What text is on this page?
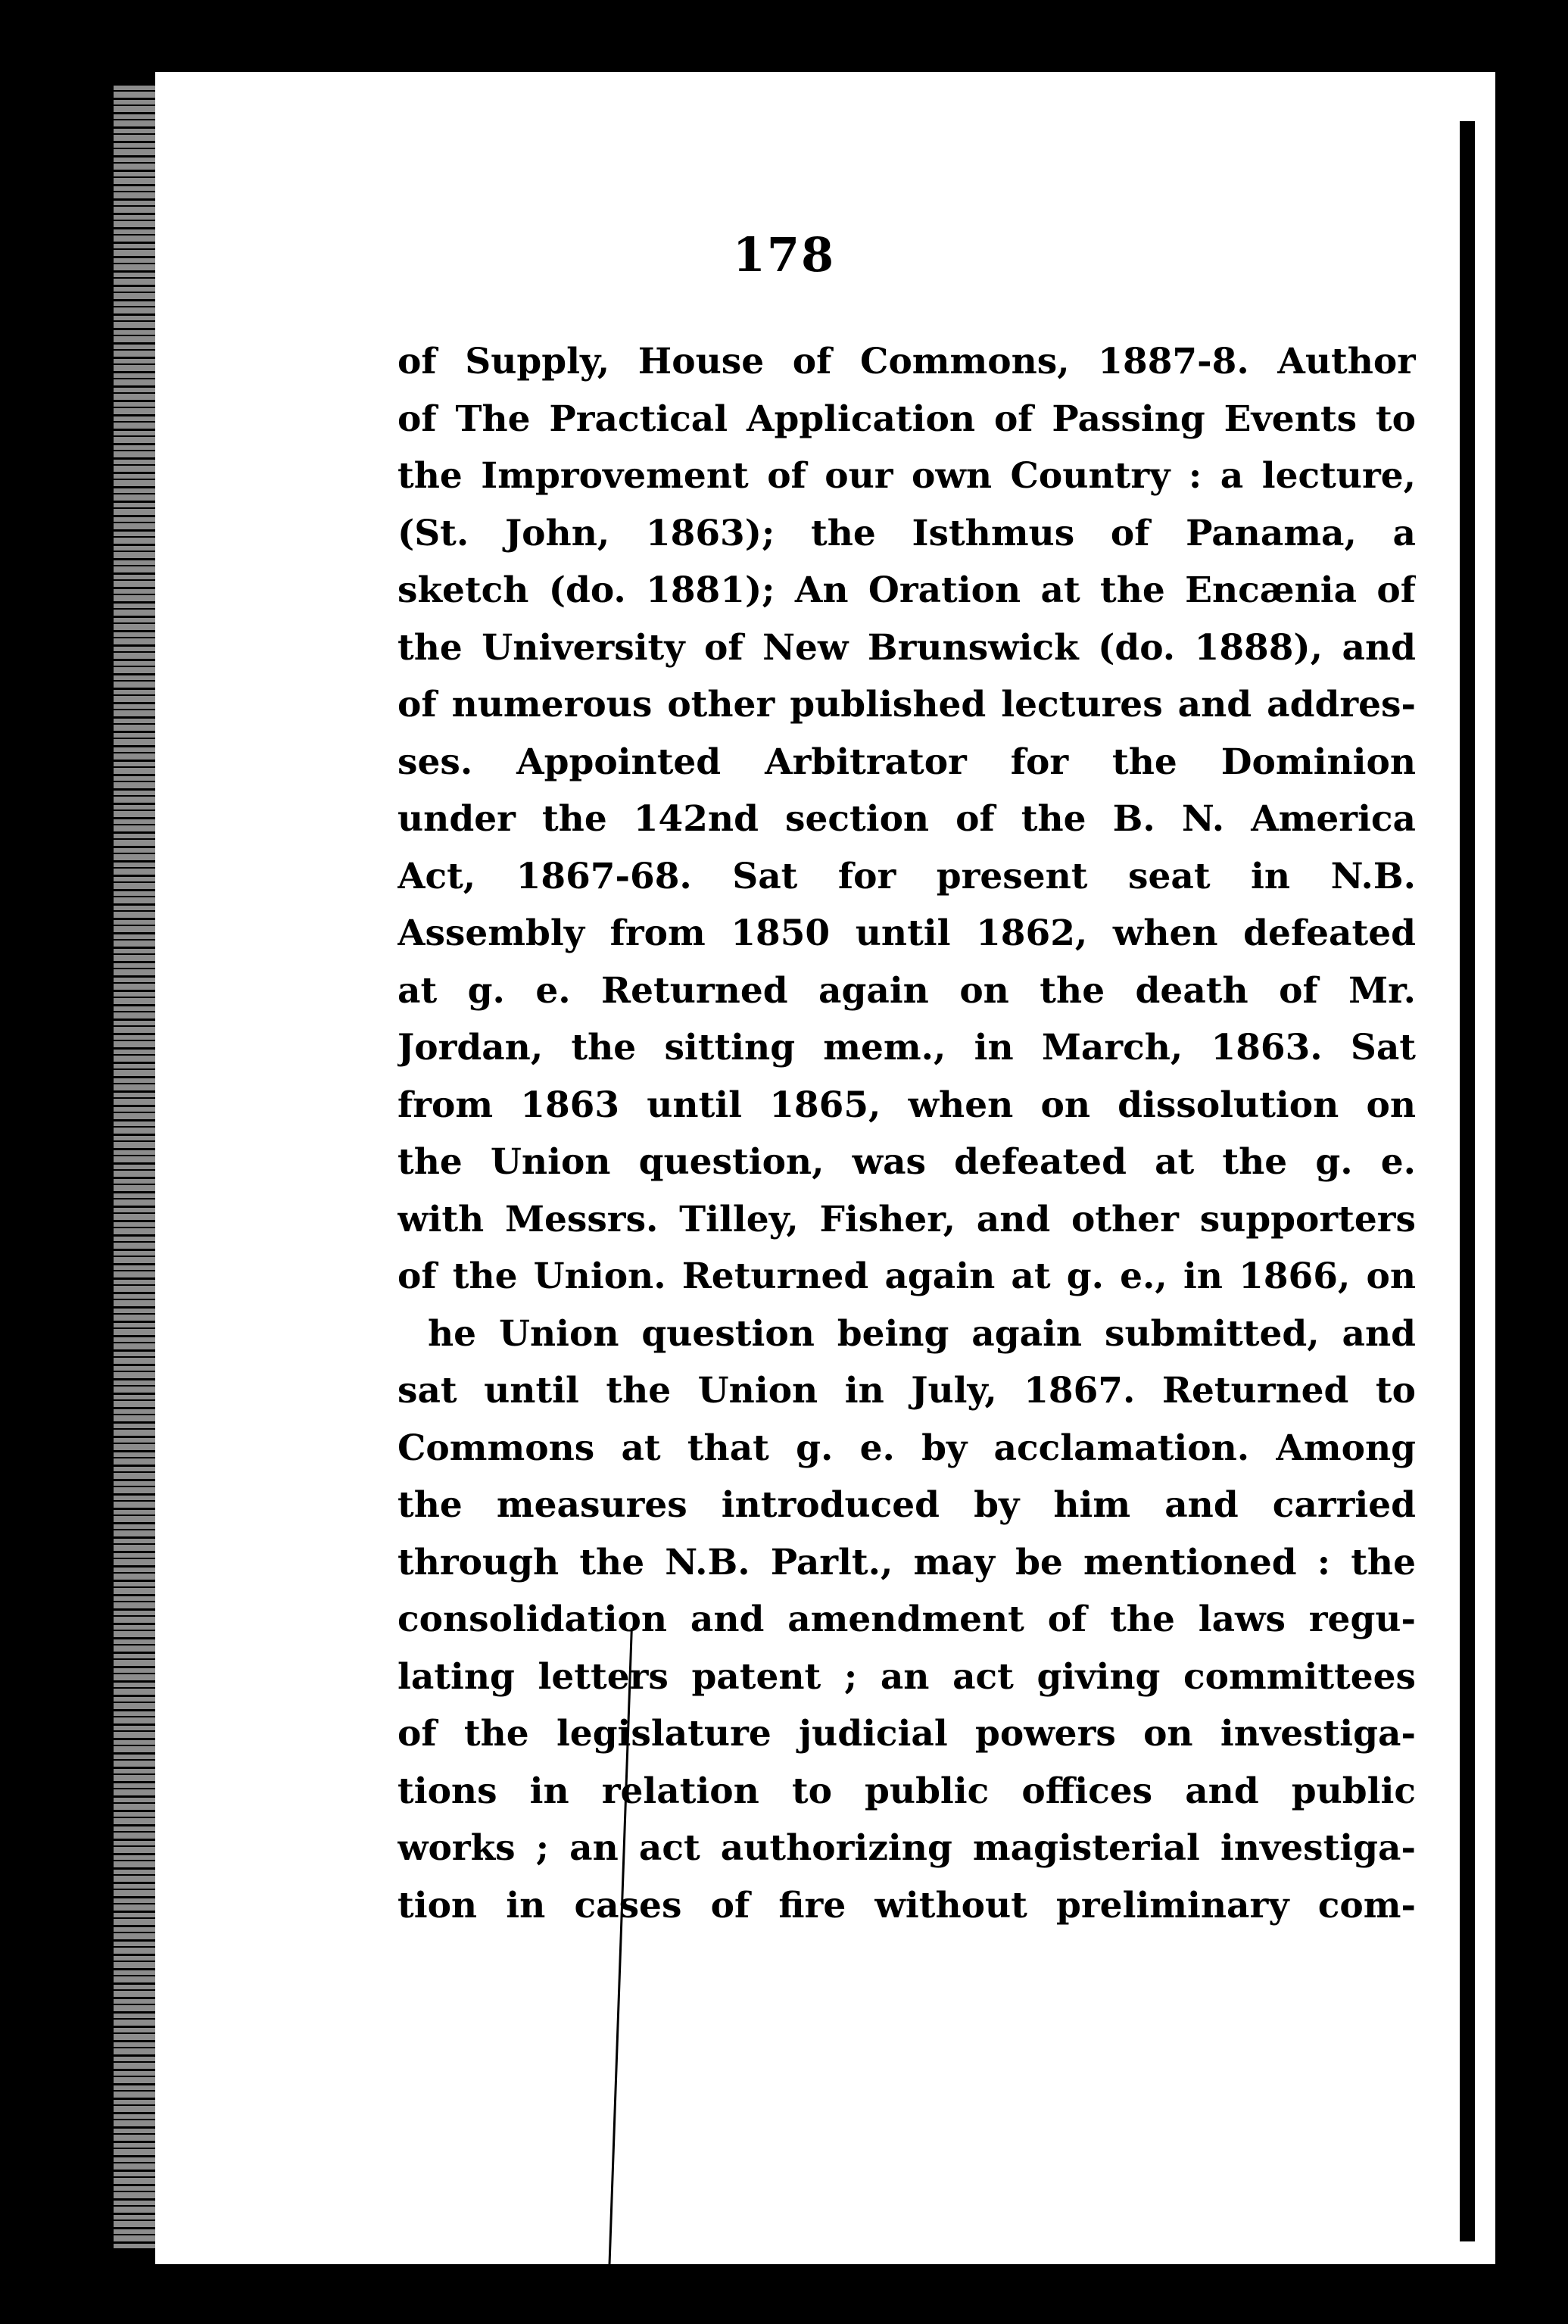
178
of Supply, House of Commons, 1887-8. Author
of The Practical Application of Passing Events to
the Improvement of our own Country : a lecture,
(St. John, 1863); the Isthmus of Panama, a
sketch (do. 1881); An Oration at the Encænia of
the University of New Brunswick (do. 1888), and
of numerous other published lectures and addres-
ses. Appointed Arbitrator for the Dominion
under the 142nd section of the B. N. America
Act, 1867-68. Sat for present seat in N.B.
Assembly from 1850 until 1862, when defeated
at g. e. Returned again on the death of Mr.
Jordan, the sitting mem., in March, 1863. Sat
from 1863 until 1865, when on dissolution on
the Union question, was defeated at the g. e.
with Messrs. Tilley, Fisher, and other supporters
of the Union. Returned again at g. e., in 1866, on
he Union question being again submitted, and
sat until the Union in July, 1867. Returned to
Commons at that g. e. by acclamation. Among
the measures introduced by him and carried
through the N.B. Parlt., may be mentioned : the
consolidation and amendment of the laws regu-
lating letters patent ; an act giving committees
of the legislature judicial powers on investiga-
tions in relation to public offices and public
works ; an act authorizing magisterial investiga-
tion in cases of fire without preliminary com-
